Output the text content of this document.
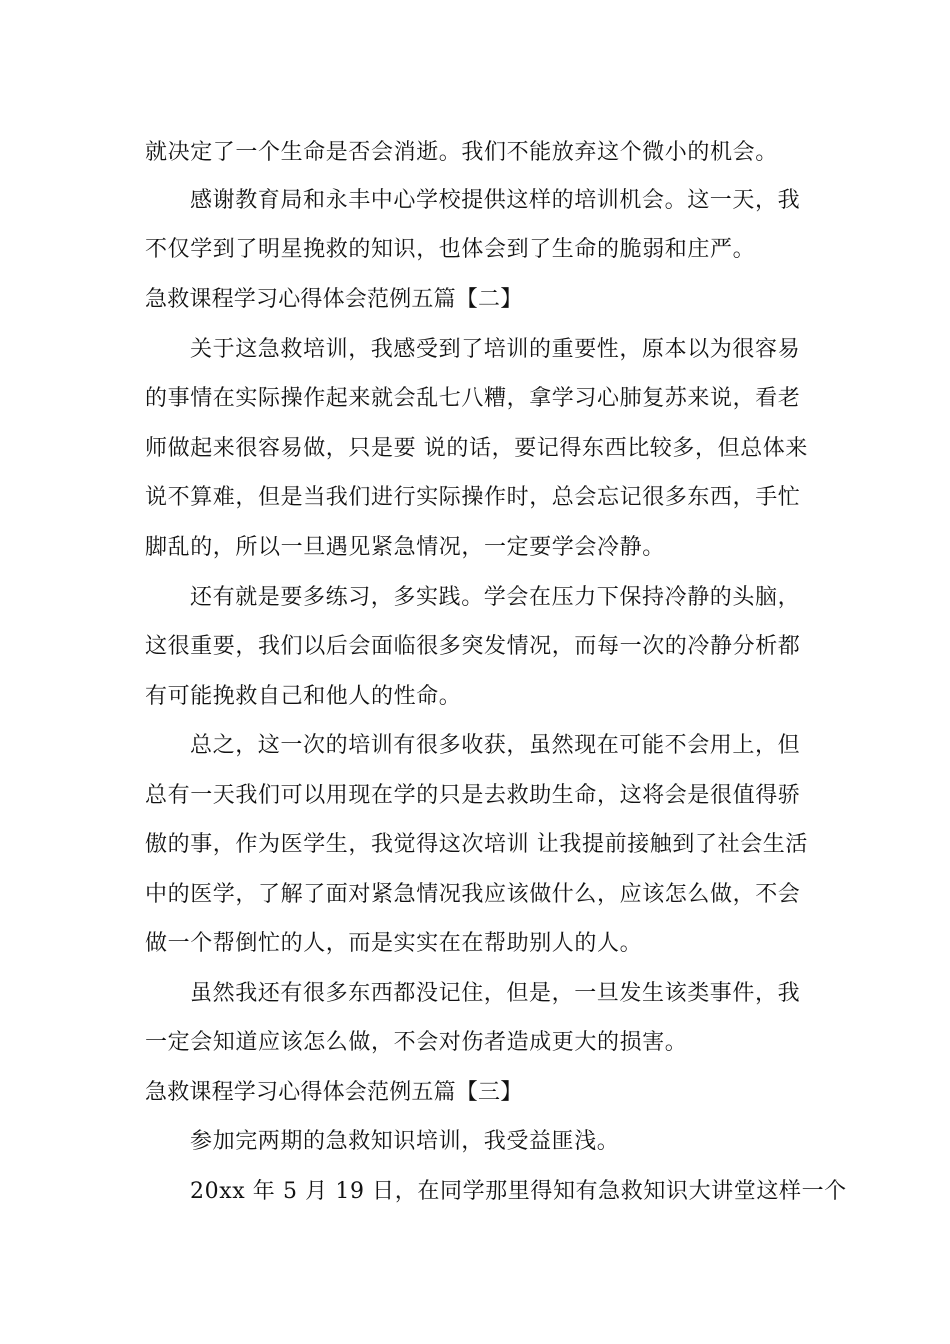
就决定了一个生命是否会消逝。我们不能放弃这个微小的机会。
感谢教育局和永丰中心学校提供这样的培训机会。这一天，我
不仅学到了明星挽救的知识，也体会到了生命的脆弱和庄严。
急救课程学习心得体会范例五篇【二】
关于这急救培训，我感受到了培训的重要性，原本以为很容易
的事情在实际操作起来就会乱七八糟，拿学习心肺复苏来说，看老
师做起来很容易做，只是要 说的话，要记得东西比较多，但总体来
说不算难，但是当我们进行实际操作时，总会忘记很多东西，手忙
脚乱的，所以一旦遇见紧急情况，一定要学会冷静。
还有就是要多练习，多实践。学会在压力下保持冷静的头脑，
这很重要，我们以后会面临很多突发情况，而每一次的冷静分析都
有可能挽救自己和他人的性命。
总之，这一次的培训有很多收获，虽然现在可能不会用上，但
总有一天我们可以用现在学的只是去救助生命，这将会是很值得骄
傲的事，作为医学生，我觉得这次培训 让我提前接触到了社会生活
中的医学，了解了面对紧急情况我应该做什么，应该怎么做，不会
做一个帮倒忙的人，而是实实在在帮助别人的人。
虽然我还有很多东西都没记住，但是，一旦发生该类事件，我
一定会知道应该怎么做，不会对伤者造成更大的损害。
急救课程学习心得体会范例五篇【三】
参加完两期的急救知识培训，我受益匪浅。
20xx 年 5 月 19 日，在同学那里得知有急救知识大讲堂这样一个
